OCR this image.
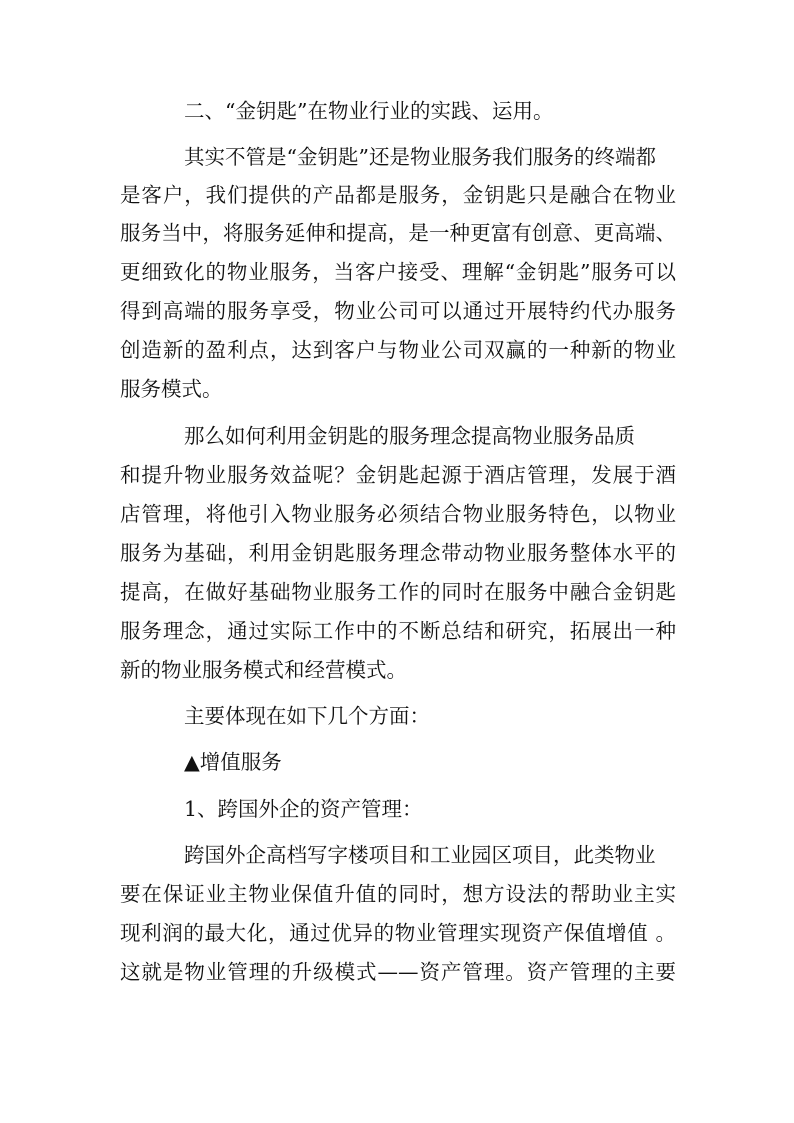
二、“金钥匙”在物业行业的实践、运用。
其实不管是“金钥匙”还是物业服务我们服务的终端都
是客户，我们提供的产品都是服务，金钥匙只是融合在物业
服务当中，将服务延伸和提高，是一种更富有创意、更高端、
更细致化的物业服务，当客户接受、理解“金钥匙”服务可以
得到高端的服务享受，物业公司可以通过开展特约代办服务
创造新的盈利点，达到客户与物业公司双赢的一种新的物业
服务模式。
那么如何利用金钥匙的服务理念提高物业服务品质
和提升物业服务效益呢？金钥匙起源于酒店管理，发展于酒
店管理，将他引入物业服务必须结合物业服务特色，以物业
服务为基础，利用金钥匙服务理念带动物业服务整体水平的
提高，在做好基础物业服务工作的同时在服务中融合金钥匙
服务理念，通过实际工作中的不断总结和研究，拓展出一种
新的物业服务模式和经营模式。
主要体现在如下几个方面：
▲增值服务
1、跨国外企的资产管理：
跨国外企高档写字楼项目和工业园区项目，此类物业
要在保证业主物业保值升值的同时，想方设法的帮助业主实
现利润的最大化，通过优异的物业管理实现资产保值增值 。
这就是物业管理的升级模式——资产管理。资产管理的主要
